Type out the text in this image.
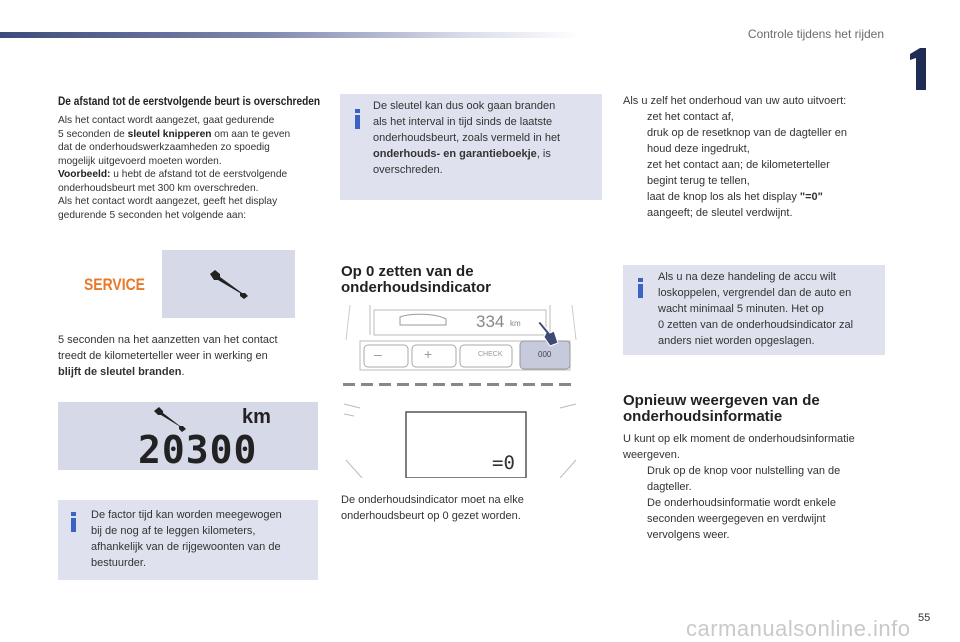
Controle tijdens het rijden
De afstand tot de eerstvolgende beurt is overschreden
Als het contact wordt aangezet, gaat gedurende
5 seconden de sleutel knipperen om aan te geven
dat de onderhoudswerkzaamheden zo spoedig
mogelijk uitgevoerd moeten worden.
Voorbeeld: u hebt de afstand tot de eerstvolgende
onderhoudsbeurt met 300 km overschreden.
Als het contact wordt aangezet, geeft het display
gedurende 5 seconden het volgende aan:
SERVICE
5 seconden na het aanzetten van het contact
treedt de kilometerteller weer in werking en
blijft de sleutel branden.
km
20300
De factor tijd kan worden meegewogen
bij de nog af te leggen kilometers,
afhankelijk van de rijgewoonten van de
bestuurder.
De sleutel kan dus ook gaan branden
als het interval in tijd sinds de laatste
onderhoudsbeurt, zoals vermeld in het
onderhouds- en garantieboekje, is
overschreden.
Op 0 zetten van de
onderhoudsindicator
334 km
–	+	CHECK	000
=0
De onderhoudsindicator moet na elke
onderhoudsbeurt op 0 gezet worden.
Als u zelf het onderhoud van uw auto uitvoert:
zet het contact af,
druk op de resetknop van de dagteller en
houd deze ingedrukt,
zet het contact aan; de kilometerteller
begint terug te tellen,
laat de knop los als het display "=0"
aangeeft; de sleutel verdwijnt.
Als u na deze handeling de accu wilt
loskoppelen, vergrendel dan de auto en
wacht minimaal 5 minuten. Het op
0 zetten van de onderhoudsindicator zal
anders niet worden opgeslagen.
Opnieuw weergeven van de
onderhoudsinformatie
U kunt op elk moment de onderhoudsinformatie
weergeven.
Druk op de knop voor nulstelling van de
dagteller.
De onderhoudsinformatie wordt enkele
seconden weergegeven en verdwijnt
vervolgens weer.
carmanualsonline.info 55
